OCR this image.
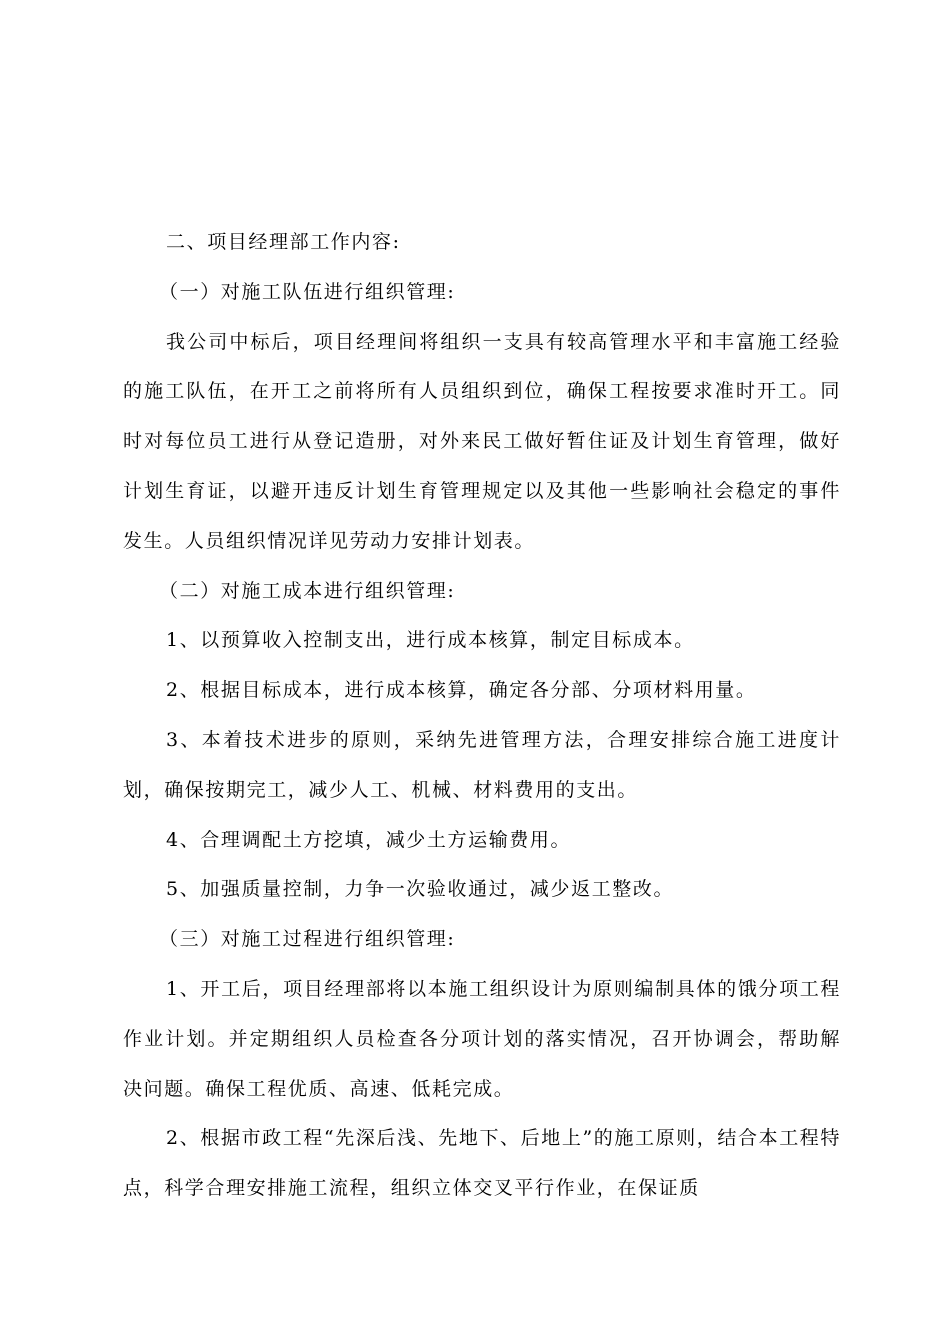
二、项目经理部工作内容:

（一）对施工队伍进行组织管理:

我公司中标后，项目经理间将组织一支具有较高管理水平和丰富施工经验的施工队伍，在开工之前将所有人员组织到位，确保工程按要求准时开工。同时对每位员工进行从登记造册，对外来民工做好暂住证及计划生育管理，做好计划生育证，以避开违反计划生育管理规定以及其他一些影响社会稳定的事件发生。人员组织情况详见劳动力安排计划表。

（二）对施工成本进行组织管理:

1、以预算收入控制支出，进行成本核算，制定目标成本。

2、根据目标成本，进行成本核算，确定各分部、分项材料用量。

3、本着技术进步的原则，采纳先进管理方法，合理安排综合施工进度计划，确保按期完工，减少人工、机械、材料费用的支出。

4、合理调配土方挖填，减少土方运输费用。

5、加强质量控制，力争一次验收通过，减少返工整改。

（三）对施工过程进行组织管理:

1、开工后，项目经理部将以本施工组织设计为原则编制具体的饿分项工程作业计划。并定期组织人员检查各分项计划的落实情况，召开协调会，帮助解决问题。确保工程优质、高速、低耗完成。

2、根据市政工程“先深后浅、先地下、后地上”的施工原则，结合本工程特点，科学合理安排施工流程，组织立体交叉平行作业，在保证质
